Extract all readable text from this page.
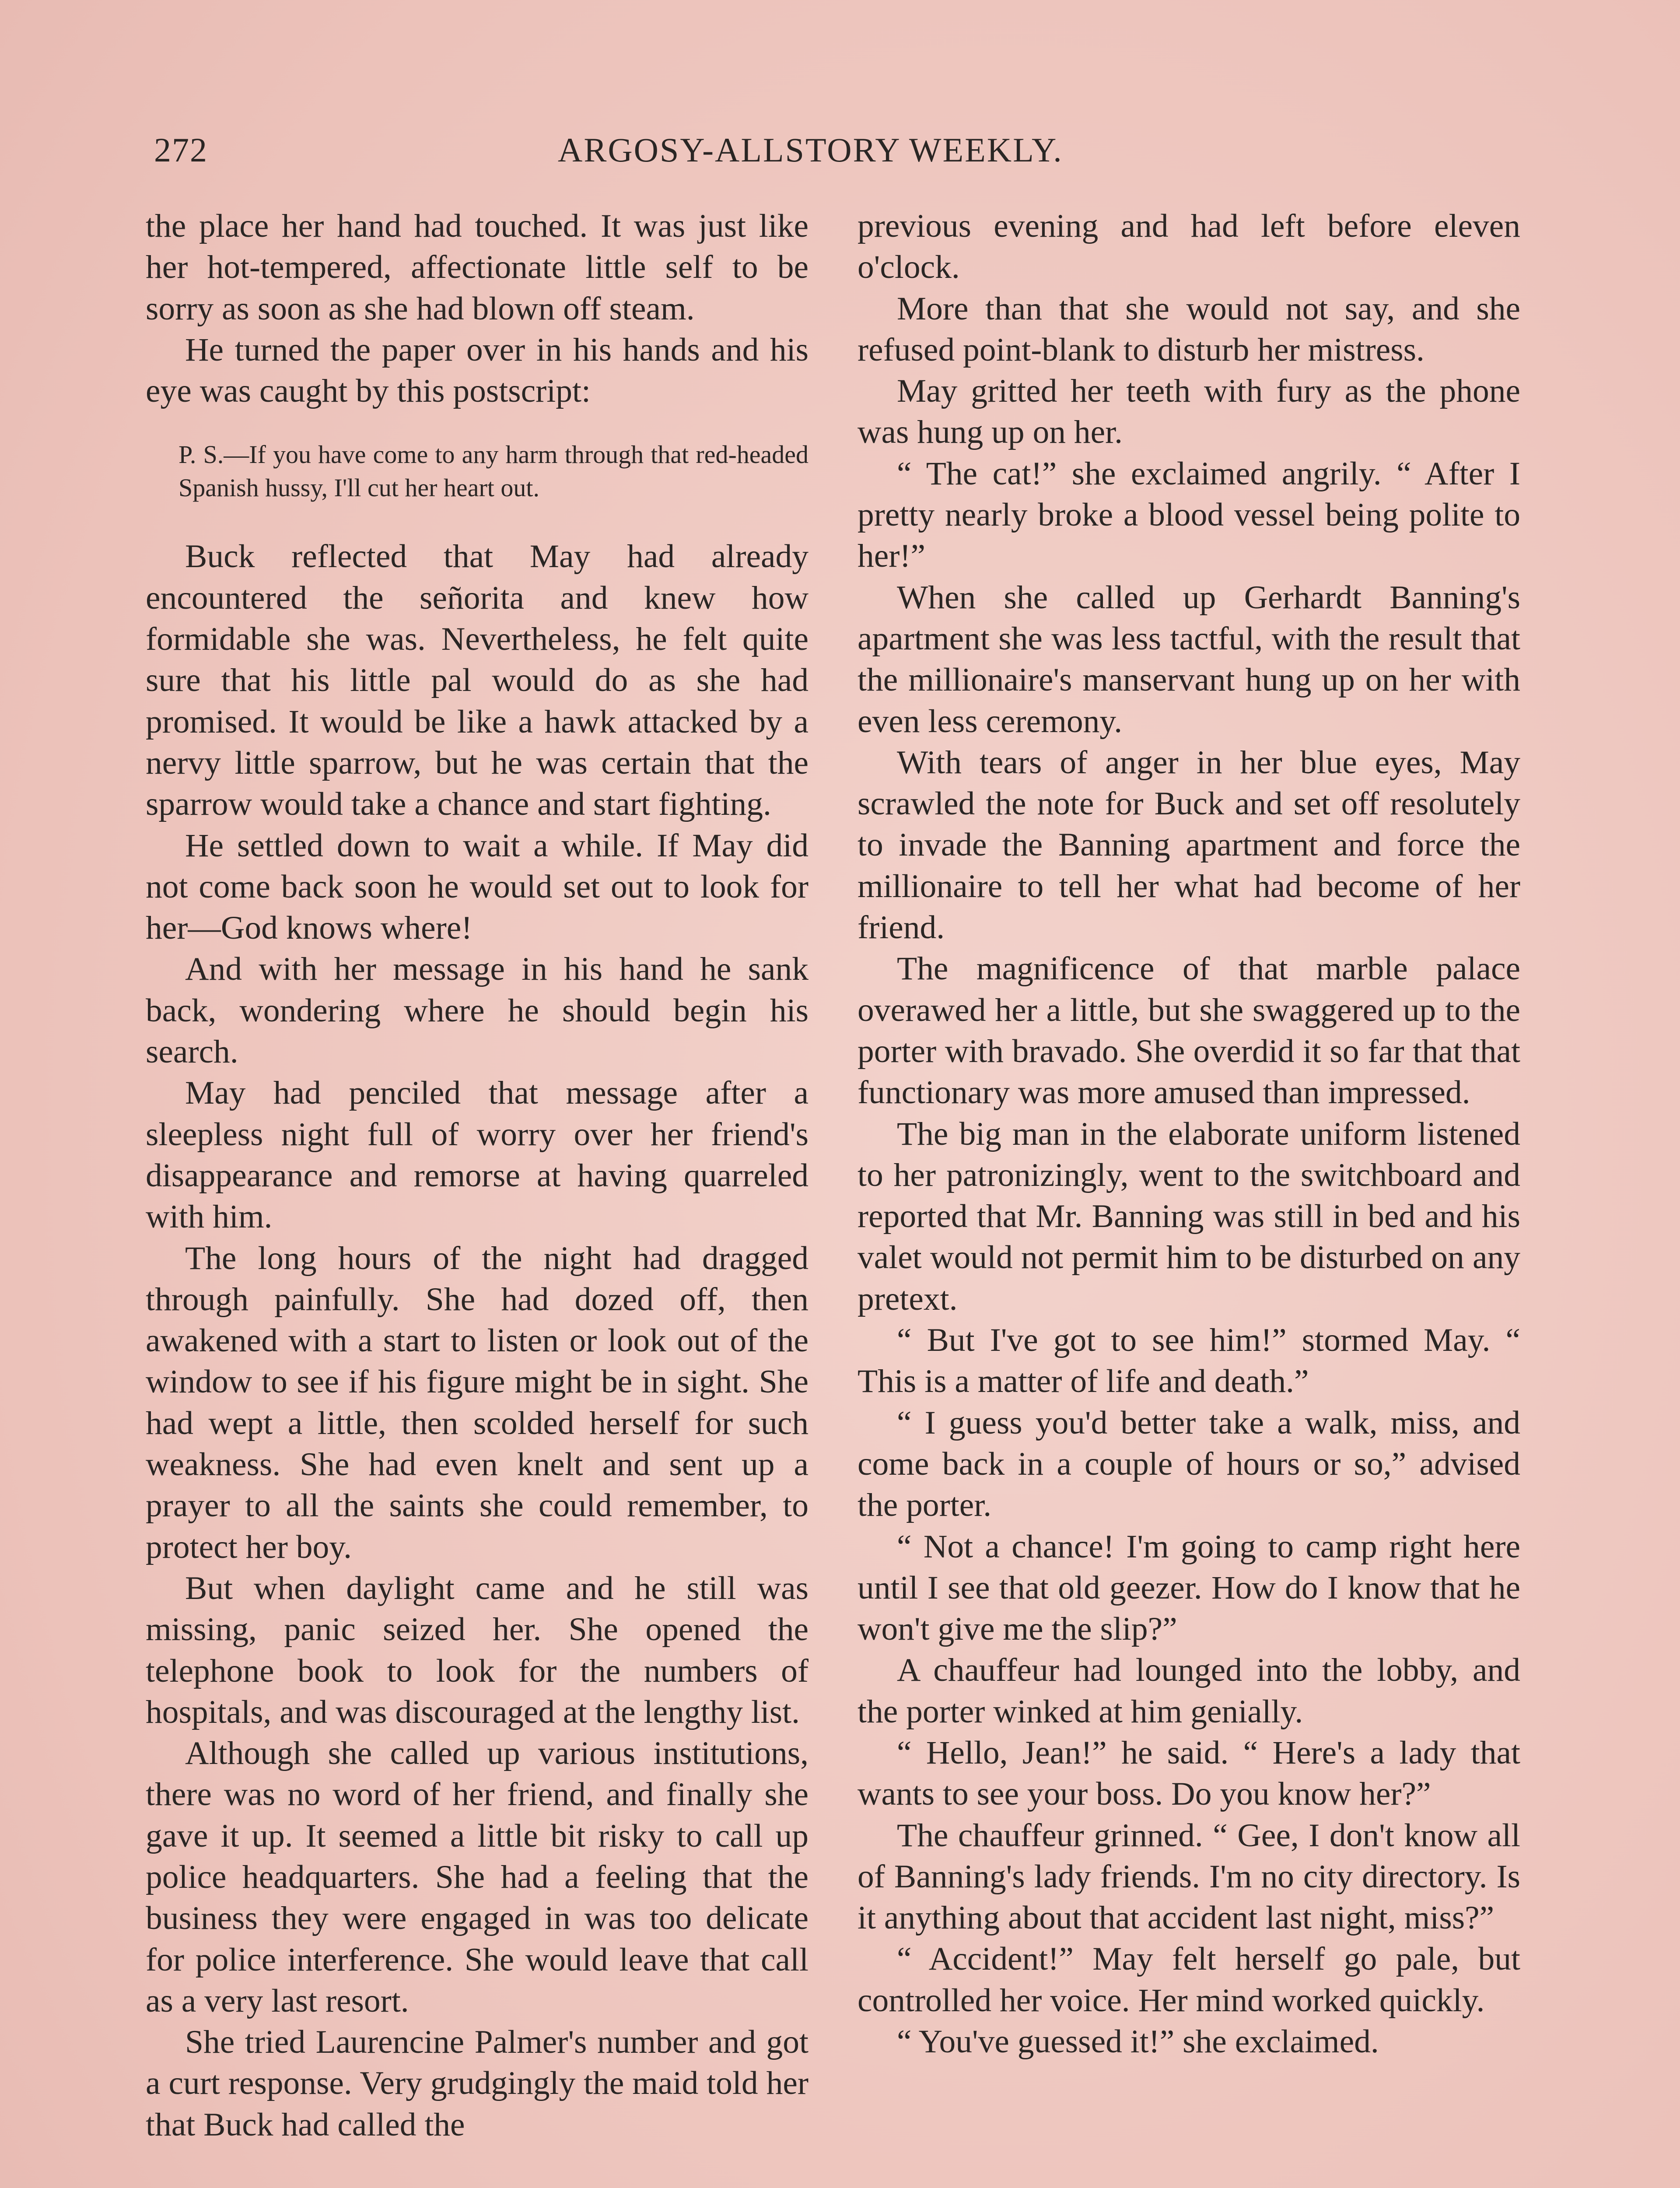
272	ARGOSY-ALLSTORY WEEKLY.

the place her hand had touched. It was just like her hot-tempered, affectionate little self to be sorry as soon as she had blown off steam.

He turned the paper over in his hands and his eye was caught by this postscript:

P. S.—If you have come to any harm through that red-headed Spanish hussy, I'll cut her heart out.

Buck reflected that May had already encountered the señorita and knew how formidable she was. Nevertheless, he felt quite sure that his little pal would do as she had promised. It would be like a hawk attacked by a nervy little sparrow, but he was certain that the sparrow would take a chance and start fighting.

He settled down to wait a while. If May did not come back soon he would set out to look for her—God knows where!

And with her message in his hand he sank back, wondering where he should begin his search.

May had penciled that message after a sleepless night full of worry over her friend's disappearance and remorse at having quarreled with him.

The long hours of the night had dragged through painfully. She had dozed off, then awakened with a start to listen or look out of the window to see if his figure might be in sight. She had wept a little, then scolded herself for such weakness. She had even knelt and sent up a prayer to all the saints she could remember, to protect her boy.

But when daylight came and he still was missing, panic seized her. She opened the telephone book to look for the numbers of hospitals, and was discouraged at the lengthy list.

Although she called up various institutions, there was no word of her friend, and finally she gave it up. It seemed a little bit risky to call up police headquarters. She had a feeling that the business they were engaged in was too delicate for police interference. She would leave that call as a very last resort.

She tried Laurencine Palmer's number and got a curt response. Very grudgingly the maid told her that Buck had called the

previous evening and had left before eleven o'clock.

More than that she would not say, and she refused point-blank to disturb her mistress.

May gritted her teeth with fury as the phone was hung up on her.

“ The cat!” she exclaimed angrily. “ After I pretty nearly broke a blood vessel being polite to her!”

When she called up Gerhardt Banning's apartment she was less tactful, with the result that the millionaire's manservant hung up on her with even less ceremony.

With tears of anger in her blue eyes, May scrawled the note for Buck and set off resolutely to invade the Banning apartment and force the millionaire to tell her what had become of her friend.

The magnificence of that marble palace overawed her a little, but she swaggered up to the porter with bravado. She overdid it so far that that functionary was more amused than impressed.

The big man in the elaborate uniform listened to her patronizingly, went to the switchboard and reported that Mr. Banning was still in bed and his valet would not permit him to be disturbed on any pretext.

“ But I've got to see him!” stormed May. “ This is a matter of life and death.”

“ I guess you'd better take a walk, miss, and come back in a couple of hours or so,” advised the porter.

“ Not a chance! I'm going to camp right here until I see that old geezer. How do I know that he won't give me the slip?”

A chauffeur had lounged into the lobby, and the porter winked at him genially.

“ Hello, Jean!” he said. “ Here's a lady that wants to see your boss. Do you know her?”

The chauffeur grinned. “ Gee, I don't know all of Banning's lady friends. I'm no city directory. Is it anything about that accident last night, miss?”

“ Accident!” May felt herself go pale, but controlled her voice. Her mind worked quickly.

“ You've guessed it!” she exclaimed.
